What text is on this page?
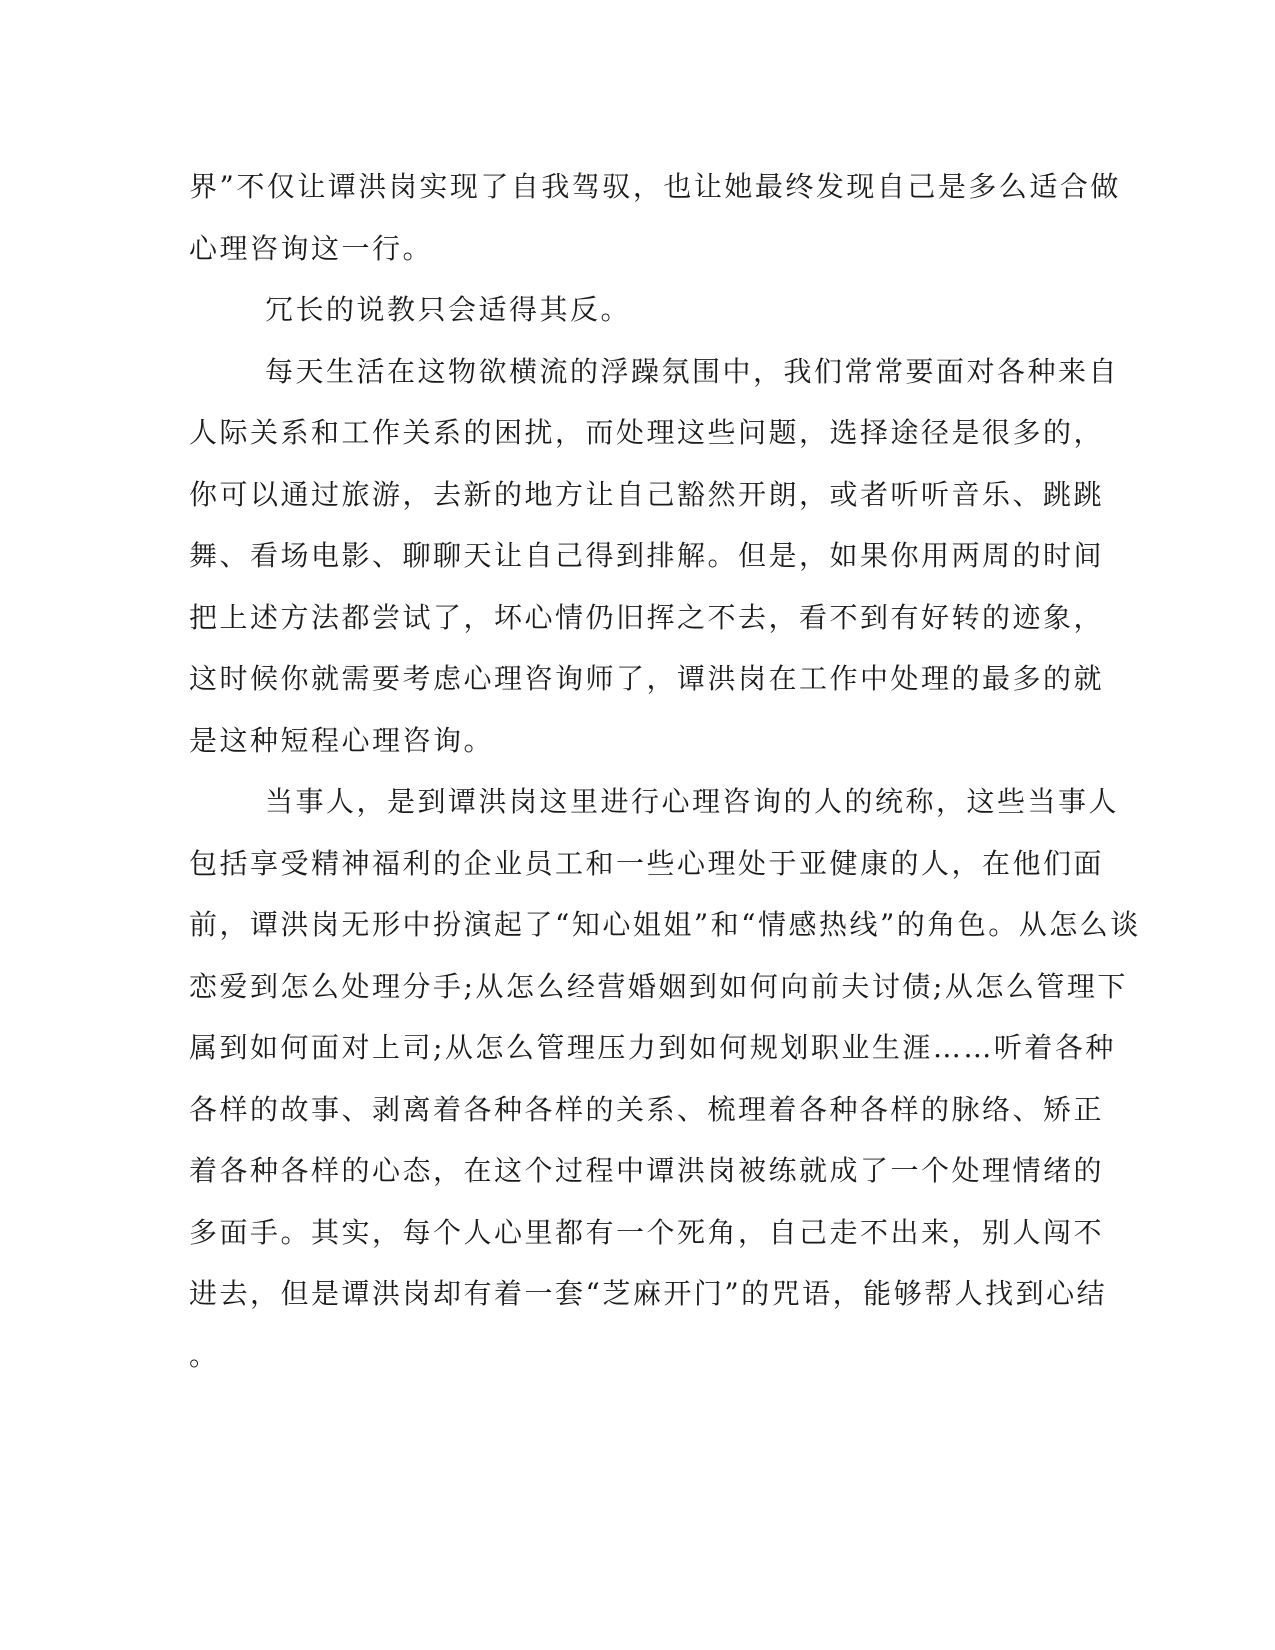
界”不仅让谭洪岗实现了自我驾驭，也让她最终发现自己是多么适合做
心理咨询这一行。
冗长的说教只会适得其反。
每天生活在这物欲横流的浮躁氛围中，我们常常要面对各种来自
人际关系和工作关系的困扰，而处理这些问题，选择途径是很多的，
你可以通过旅游，去新的地方让自己豁然开朗，或者听听音乐、跳跳
舞、看场电影、聊聊天让自己得到排解。但是，如果你用两周的时间
把上述方法都尝试了，坏心情仍旧挥之不去，看不到有好转的迹象，
这时候你就需要考虑心理咨询师了，谭洪岗在工作中处理的最多的就
是这种短程心理咨询。
当事人，是到谭洪岗这里进行心理咨询的人的统称，这些当事人
包括享受精神福利的企业员工和一些心理处于亚健康的人，在他们面
前，谭洪岗无形中扮演起了“知心姐姐”和“情感热线”的角色。从怎么谈
恋爱到怎么处理分手;从怎么经营婚姻到如何向前夫讨债;从怎么管理下
属到如何面对上司;从怎么管理压力到如何规划职业生涯……听着各种
各样的故事、剥离着各种各样的关系、梳理着各种各样的脉络、矫正
着各种各样的心态，在这个过程中谭洪岗被练就成了一个处理情绪的
多面手。其实，每个人心里都有一个死角，自己走不出来，别人闯不
进去，但是谭洪岗却有着一套“芝麻开门”的咒语，能够帮人找到心结
。
